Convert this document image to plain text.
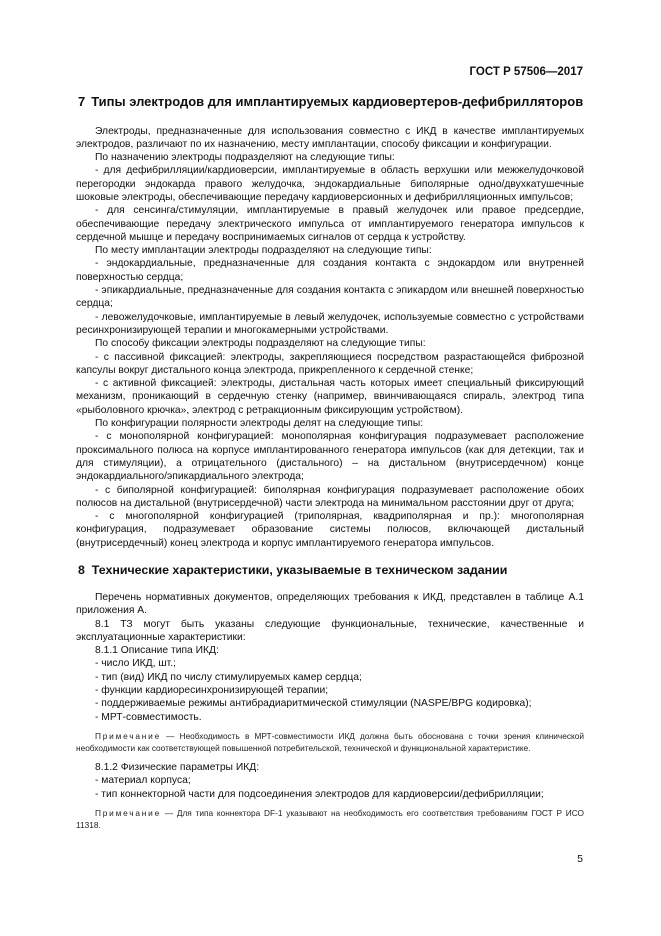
ГОСТ Р 57506—2017
7 Типы электродов для имплантируемых кардиовертеров-дефибрилляторов

Электроды, предназначенные для использования совместно с ИКД в качестве имплантируемых электродов, различают по их назначению, месту имплантации, способу фиксации и конфигурации.

По назначению электроды подразделяют на следующие типы:

- для дефибрилляции/кардиоверсии, имплантируемые в область верхушки или межжелудочковой перегородки эндокарда правого желудочка, эндокардиальные биполярные одно/двухкатушечные шоковые электроды, обеспечивающие передачу кардиоверсионных и дефибрилляционных импульсов;

- для сенсинга/стимуляции, имплантируемые в правый желудочек или правое предсердие, обеспечивающие передачу электрического импульса от имплантируемого генератора импульсов к сердечной мышце и передачу воспринимаемых сигналов от сердца к устройству.

По месту имплантации электроды подразделяют на следующие типы:

- эндокардиальные, предназначенные для создания контакта с эндокардом или внутренней поверхностью сердца;

- эпикардиальные, предназначенные для создания контакта с эпикардом или внешней поверхностью сердца;

- левожелудочковые, имплантируемые в левый желудочек, используемые совместно с устройствами ресинхронизирующей терапии и многокамерными устройствами.

По способу фиксации электроды подразделяют на следующие типы:

- с пассивной фиксацией: электроды, закрепляющиеся посредством разрастающейся фиброзной капсулы вокруг дистального конца электрода, прикрепленного к сердечной стенке;

- с активной фиксацией: электроды, дистальная часть которых имеет специальный фиксирующий механизм, проникающий в сердечную стенку (например, ввинчивающаяся спираль, электрод типа «рыболовного крючка», электрод с ретракционным фиксирующим устройством).

По конфигурации полярности электроды делят на следующие типы:

- с монополярной конфигурацией: монополярная конфигурация подразумевает расположение проксимального полюса на корпусе имплантированного генератора импульсов (как для детекции, так и для стимуляции), а отрицательного (дистального) – на дистальном (внутрисердечном) конце эндокардиального/эпикардиального электрода;

- с биполярной конфигурацией: биполярная конфигурация подразумевает расположение обоих полюсов на дистальной (внутрисердечной) части электрода на минимальном расстоянии друг от друга;

- с многополярной конфигурацией (триполярная, квадриполярная и пр.): многополярная конфигурация, подразумевает образование системы полюсов, включающей дистальный (внутрисердечный) конец электрода и корпус имплантируемого генератора импульсов.

8 Технические характеристики, указываемые в техническом задании

Перечень нормативных документов, определяющих требования к ИКД, представлен в таблице А.1 приложения А.

8.1 ТЗ могут быть указаны следующие функциональные, технические, качественные и эксплуатационные характеристики:

8.1.1 Описание типа ИКД:

- число ИКД, шт.;

- тип (вид) ИКД по числу стимулируемых камер сердца;

- функции кардиоресинхронизирующей терапии;

- поддерживаемые режимы антибрадиаритмической стимуляции (NASPE/BPG кодировка);

- МРТ-совместимость.

Примечание — Необходимость в МРТ-совместимости ИКД должна быть обоснована с точки зрения клинической необходимости как соответствующей повышенной потребительской, технической и функциональной характеристике.

8.1.2 Физические параметры ИКД:

- материал корпуса;

- тип коннекторной части для подсоединения электродов для кардиоверсии/дефибрилляции;

Примечание — Для типа коннектора DF-1 указывают на необходимость его соответствия требованиям ГОСТ Р ИСО 11318.
5
